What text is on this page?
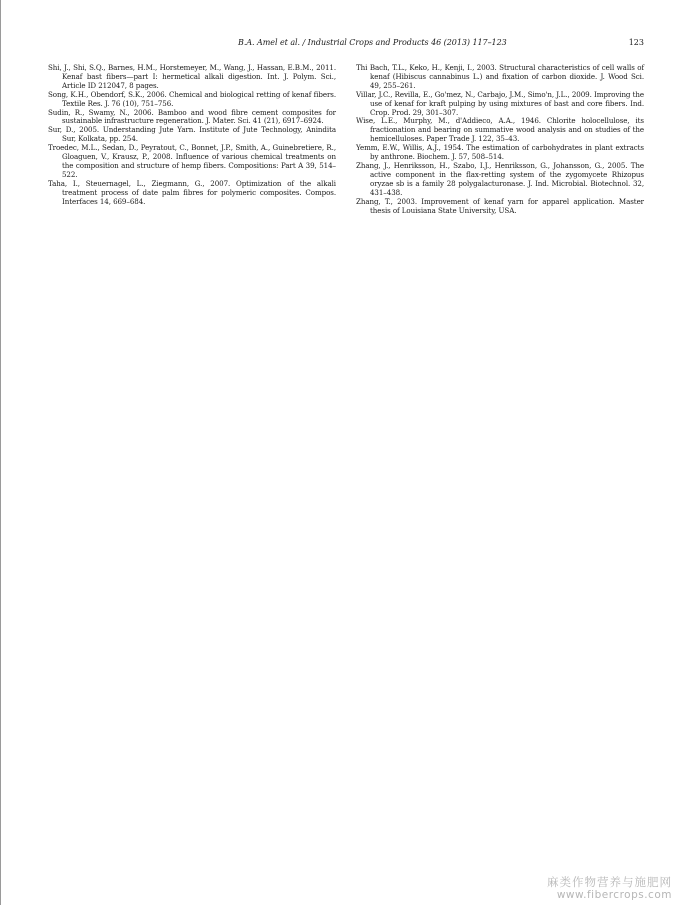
B.A. Amel et al. / Industrial Crops and Products 46 (2013) 117–123	123

Shi, J., Shi, S.Q., Barnes, H.M., Horstemeyer, M., Wang, J., Hassan, E.B.M., 2011. Kenaf bast fibers—part I: hermetical alkali digestion. Int. J. Polym. Sci., Article ID 212047, 8 pages.

Song, K.H., Obendorf, S.K., 2006. Chemical and biological retting of kenaf fibers. Textile Res. J. 76 (10), 751–756.

Sudin, R., Swamy, N., 2006. Bamboo and wood fibre cement composites for sustainable infrastructure regeneration. J. Mater. Sci. 41 (21), 6917–6924.

Sur, D., 2005. Understanding Jute Yarn. Institute of Jute Technology, Anindita Sur, Kolkata, pp. 254.

Troedec, M.L., Sedan, D., Peyratout, C., Bonnet, J.P., Smith, A., Guinebretiere, R., Gloaguen, V., Krausz, P., 2008. Influence of various chemical treatments on the composition and structure of hemp fibers. Compositions: Part A 39, 514–522.

Taha, I., Steuernagel, L., Ziegmann, G., 2007. Optimization of the alkali treatment process of date palm fibres for polymeric composites. Compos. Interfaces 14, 669–684.

Thi Bach, T.L., Keko, H., Kenji, I., 2003. Structural characteristics of cell walls of kenaf (Hibiscus cannabinus L.) and fixation of carbon dioxide. J. Wood Sci. 49, 255–261.

Villar, J.C., Revilla, E., Go'mez, N., Carbajo, J.M., Simo'n, J.L., 2009. Improving the use of kenaf for kraft pulping by using mixtures of bast and core fibers. Ind. Crop. Prod. 29, 301–307.

Wise, L.E., Murphy, M., d'Addieco, A.A., 1946. Chlorite holocellulose, its fractionation and bearing on summative wood analysis and on studies of the hemicelluloses. Paper Trade J. 122, 35–43.

Yemm, E.W., Willis, A.J., 1954. The estimation of carbohydrates in plant extracts by anthrone. Biochem. J. 57, 508–514.

Zhang, J., Henriksson, H., Szabo, I.J., Henriksson, G., Johansson, G., 2005. The active component in the flax-retting system of the zygomycete Rhizopus oryzae sb is a family 28 polygalacturonase. J. Ind. Microbial. Biotechnol. 32, 431–438.

Zhang, T., 2003. Improvement of kenaf yarn for apparel application. Master thesis of Louisiana State University, USA.

麻类作物营养与施肥网
www.fibercrops.com
